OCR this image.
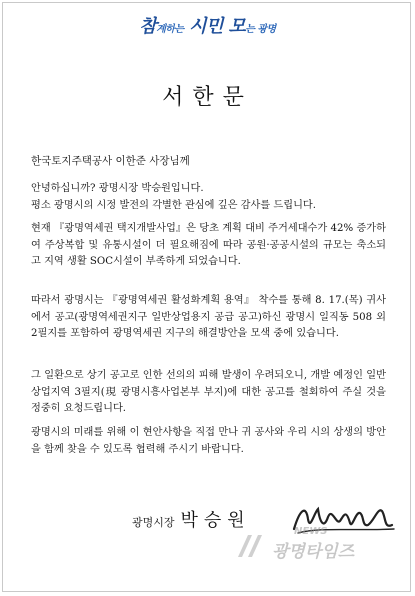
참계하는 시민 모는 광명
서한문
한국토지주택공사 이한준 사장님께
안녕하십니까? 광명시장 박승원입니다.
평소 광명시의 시정 발전의 각별한 관심에 깊은 감사를 드립니다.
현재 『광명역세권 택지개발사업』은 당초 계획 대비 주거세대수가 42% 증가하여 주상복합 및 유통시설이 더 필요해짐에 따라 공원·공공시설의 규모는 축소되고 지역 생활 SOC시설이 부족하게 되었습니다.
따라서 광명시는 『광명역세권 활성화계획 용역』 착수를 통해 8. 17.(목) 귀사에서 공고(광명역세권지구 일반상업용지 공급 공고)하신 광명시 일직동 508 외 2필지를 포함하여 광명역세권 지구의 해결방안을 모색 중에 있습니다.
그 일환으로 상기 공고로 인한 선의의 피해 발생이 우려되오니, 개발 예정인 일반상업지역 3필지(現 광명시흥사업본부 부지)에 대한 공고를 철회하여 주실 것을 정중히 요청드립니다.
광명시의 미래를 위해 이 현안사항을 직접 만나 귀 공사와 우리 시의 상생의 방안을 함께 찾을 수 있도록 협력해 주시기 바랍니다.
광명시장 박승원
NEWS
광명타임즈
